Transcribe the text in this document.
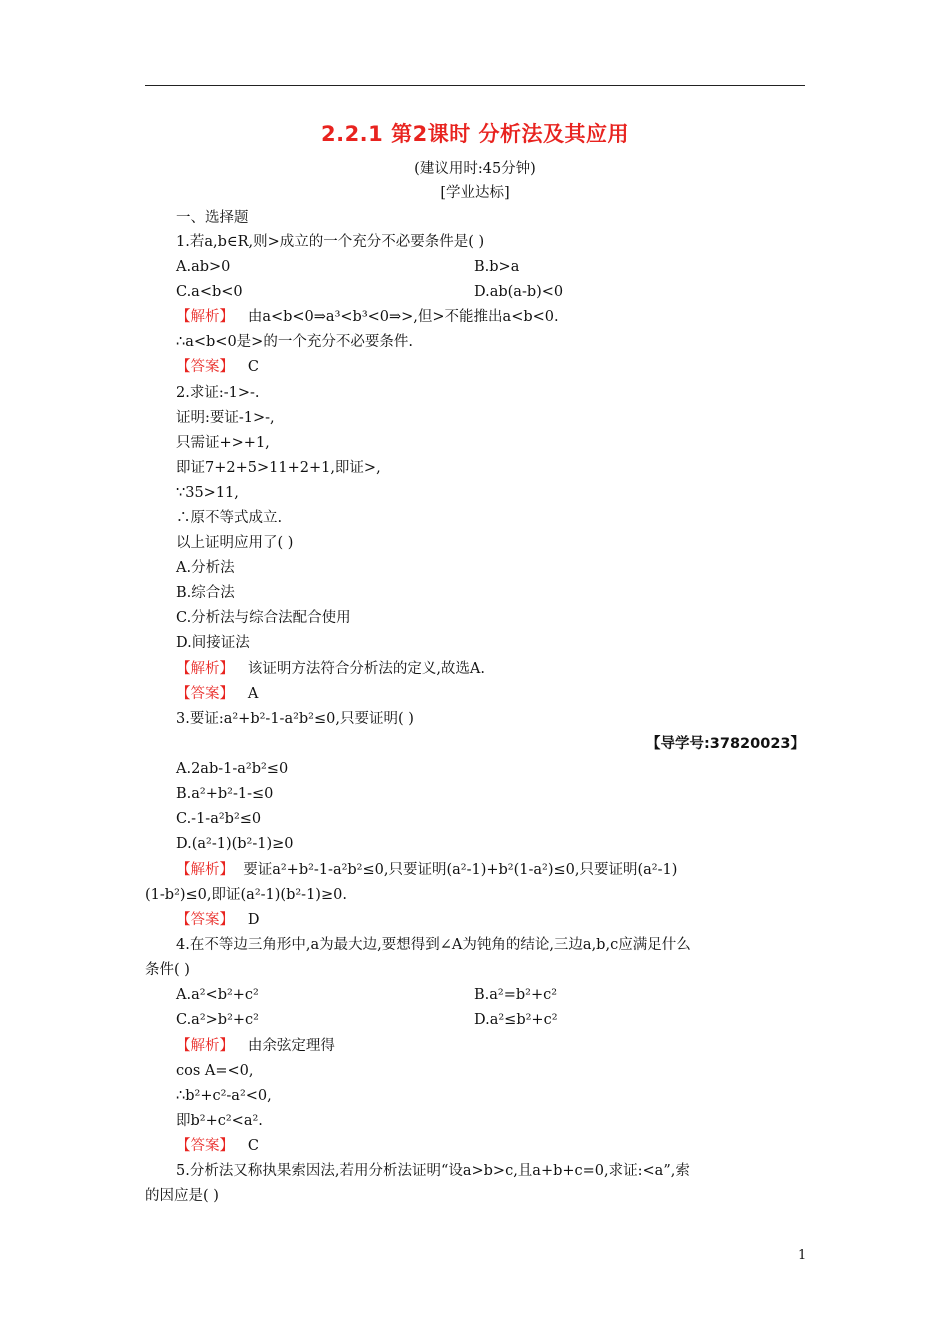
2.2.1 第2课时 分析法及其应用
(建议用时:45分钟)
[学业达标]
一、选择题
1.若a,b∈R,则>成立的一个充分不必要条件是( )
A.ab>0	B.b>a
C.a<b<0	D.ab(a-b)<0
【解析】 由a<b<0⇒a³<b³<0⇒>,但>不能推出a<b<0.
∴a<b<0是>的一个充分不必要条件.
【答案】 C
2.求证:-1>-.
证明:要证-1>-,
只需证+>+1,
即证7+2+5>11+2+1,即证>,
∵35>11,
∴原不等式成立.
以上证明应用了( )
A.分析法
B.综合法
C.分析法与综合法配合使用
D.间接证法
【解析】 该证明方法符合分析法的定义,故选A.
【答案】 A
3.要证:a²+b²-1-a²b²≤0,只要证明( )
【导学号:37820023】
A.2ab-1-a²b²≤0
B.a²+b²-1-≤0
C.-1-a²b²≤0
D.(a²-1)(b²-1)≥0
【解析】 要证a²+b²-1-a²b²≤0,只要证明(a²-1)+b²(1-a²)≤0,只要证明(a²-1)
(1-b²)≤0,即证(a²-1)(b²-1)≥0.
【答案】 D
4.在不等边三角形中,a为最大边,要想得到∠A为钝角的结论,三边a,b,c应满足什么
条件( )
A.a²<b²+c²	B.a²=b²+c²
C.a²>b²+c²	D.a²≤b²+c²
【解析】 由余弦定理得
cos A=<0,
∴b²+c²-a²<0,
即b²+c²<a².
【答案】 C
5.分析法又称执果索因法,若用分析法证明“设a>b>c,且a+b+c=0,求证:<a”,索
的因应是( )
1
